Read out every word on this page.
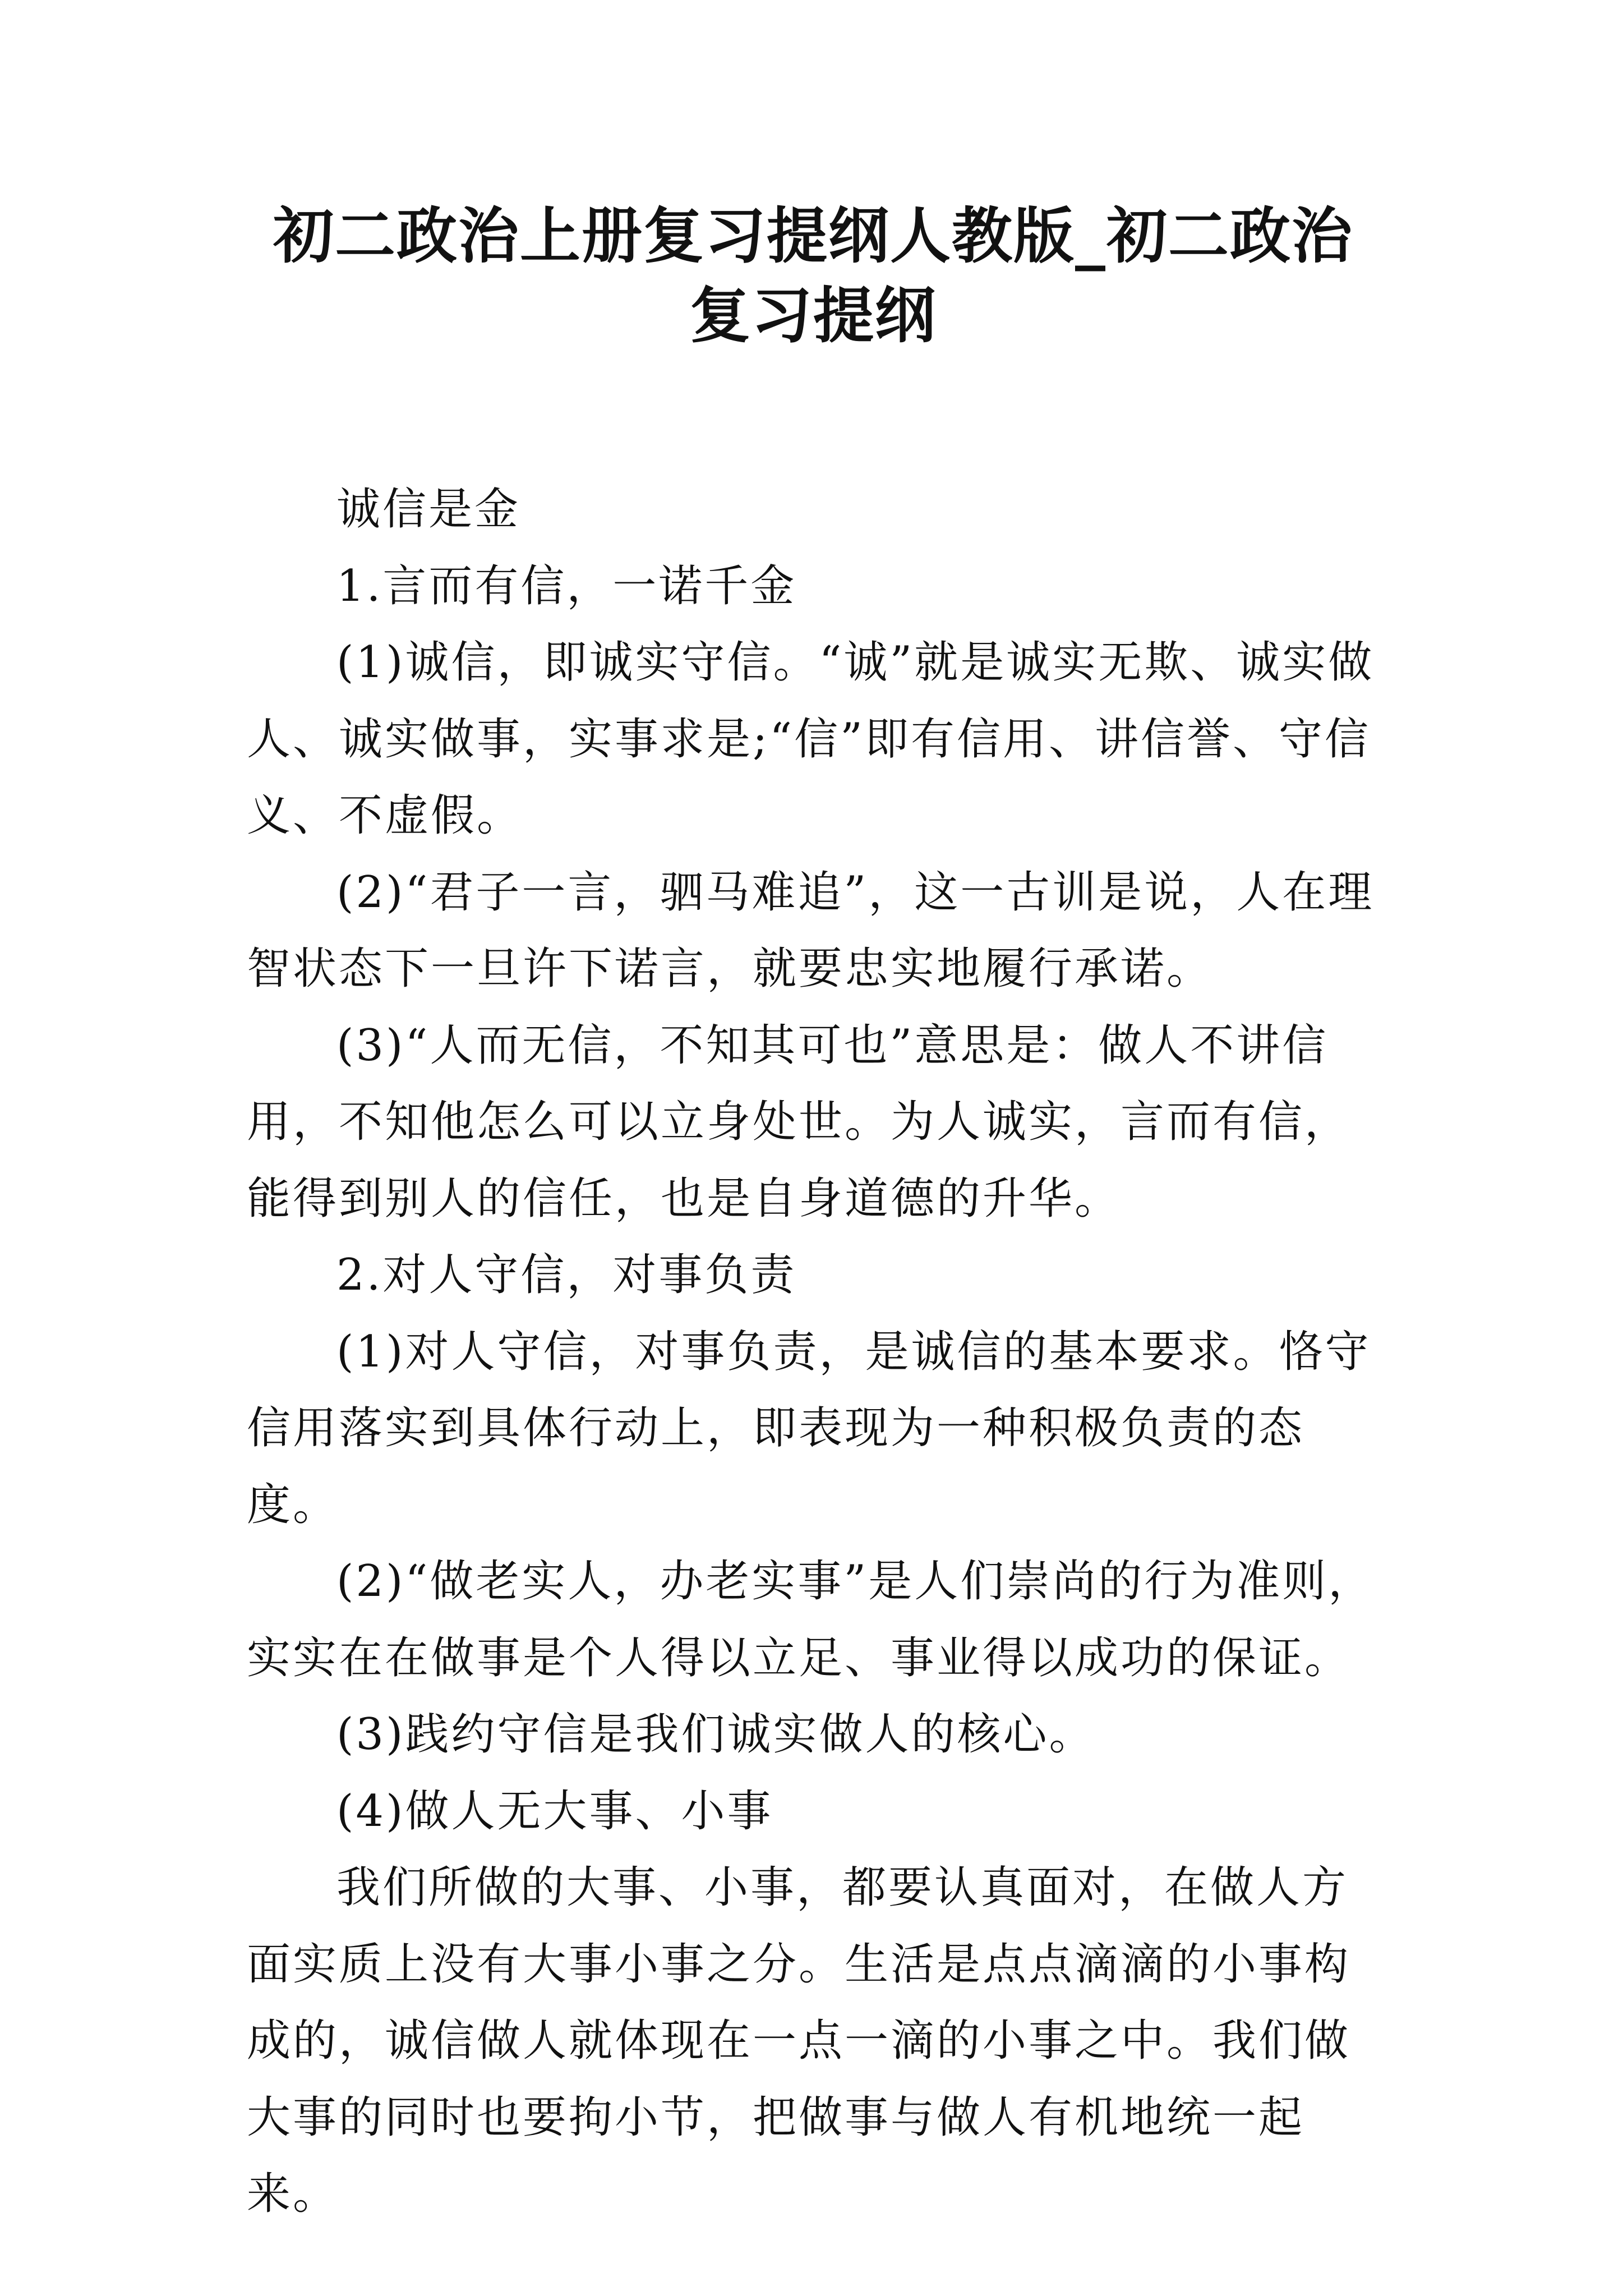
初二政治上册复习提纲人教版_初二政治复习提纲

诚信是金

1.言而有信，一诺千金

(1)诚信，即诚实守信。“诚”就是诚实无欺、诚实做人、诚实做事，实事求是;“信”即有信用、讲信誉、守信义、不虚假。

(2)“君子一言，驷马难追”，这一古训是说，人在理智状态下一旦许下诺言，就要忠实地履行承诺。

(3)“人而无信，不知其可也”意思是：做人不讲信用，不知他怎么可以立身处世。为人诚实，言而有信，能得到别人的信任，也是自身道德的升华。

2.对人守信，对事负责

(1)对人守信，对事负责，是诚信的基本要求。恪守信用落实到具体行动上，即表现为一种积极负责的态度。

(2)“做老实人，办老实事”是人们崇尚的行为准则，实实在在做事是个人得以立足、事业得以成功的保证。

(3)践约守信是我们诚实做人的核心。

(4)做人无大事、小事

我们所做的大事、小事，都要认真面对，在做人方面实质上没有大事小事之分。生活是点点滴滴的小事构成的，诚信做人就体现在一点一滴的小事之中。我们做大事的同时也要拘小节，把做事与做人有机地统一起来。
